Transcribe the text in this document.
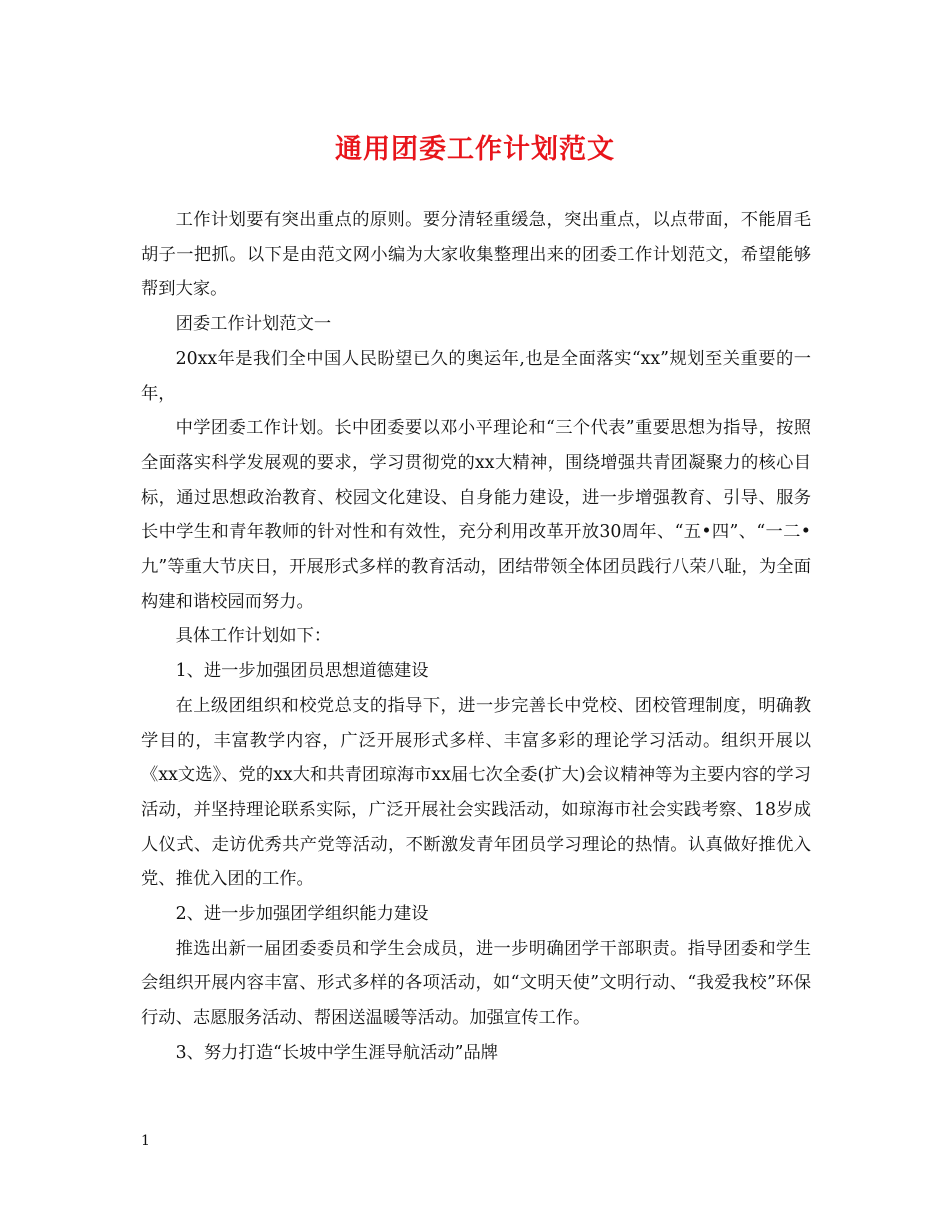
通用团委工作计划范文

工作计划要有突出重点的原则。要分清轻重缓急，突出重点，以点带面，不能眉毛胡子一把抓。以下是由范文网小编为大家收集整理出来的团委工作计划范文，希望能够帮到大家。

团委工作计划范文一

20xx年是我们全中国人民盼望已久的奥运年,也是全面落实“xx”规划至关重要的一年，

中学团委工作计划。长中团委要以邓小平理论和“三个代表”重要思想为指导，按照全面落实科学发展观的要求，学习贯彻党的xx大精神，围绕增强共青团凝聚力的核心目标，通过思想政治教育、校园文化建设、自身能力建设，进一步增强教育、引导、服务长中学生和青年教师的针对性和有效性，充分利用改革开放30周年、“五•四”、“一二•九”等重大节庆日，开展形式多样的教育活动，团结带领全体团员践行八荣八耻，为全面构建和谐校园而努力。

具体工作计划如下：

1、进一步加强团员思想道德建设

在上级团组织和校党总支的指导下，进一步完善长中党校、团校管理制度，明确教学目的，丰富教学内容，广泛开展形式多样、丰富多彩的理论学习活动。组织开展以《xx文选》、党的xx大和共青团琼海市xx届七次全委(扩大)会议精神等为主要内容的学习活动，并坚持理论联系实际，广泛开展社会实践活动，如琼海市社会实践考察、18岁成人仪式、走访优秀共产党等活动，不断激发青年团员学习理论的热情。认真做好推优入党、推优入团的工作。

2、进一步加强团学组织能力建设

推选出新一届团委委员和学生会成员，进一步明确团学干部职责。指导团委和学生会组织开展内容丰富、形式多样的各项活动，如“文明天使”文明行动、“我爱我校”环保行动、志愿服务活动、帮困送温暖等活动。加强宣传工作。

3、努力打造“长坡中学生涯导航活动”品牌

1
